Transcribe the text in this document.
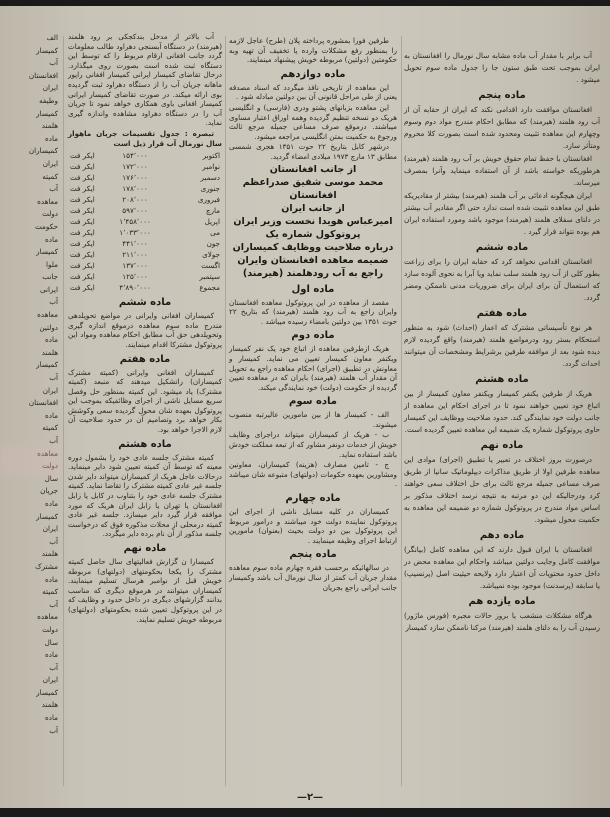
آب برابر با مقدار آب ماده مشابه سال نورمال را افغانستان به ایران بموجب تحت طبق ستون جا را جدول ماده سوم تحویل میشود .

ماده پنجم

افغانستان موافقت دارد اقدامی نکند که ایران از حقابه آن از آب رود هلمند (هیرمند) که مطابق احکام مندرج مواد دوم وسوم وچهارم این معاهده تثبیت ومحدود شده است بصورت کلا محروم ومتأثر سازد.

افغانستان با حفظ تمام حقوق خویش بر آب رود هلمند (هیرمند) هرطوریکه خواسته باشد از آن استفاده مینماید وآنرا بمصرف میرساند.

ایران هیچگونه ادعائی بر آب هلمند (هیرمند) بیشتر از مقادیریکه طبق این معاهده تثبیت شده است ندارد حتی اگر مقادیر آب بیشتر در دلتای سفلای هلمند (هیرمند) موجود باشد ومورد استفاده ایران هم بوده نتواند قرار گیرد .

ماده ششم

افغانستان اقدامی نخواهد کرد که حقابه ایران را برای زراعت بطور کلی از آب رود هلمند سلب نماید ویا آبرا به نحوی آلوده سازد که استعمال آن برای ایران برای ضروریات مدنی ناممکن ومضر گردد.

ماده هفتم

هر نوع تأسیساتی مشترک که اعمار (احداث) شود به منظور استحکام بستر رود ودرمواضع هلمند (هیرمند) واقع گردیده لازم دیده شود بعد از موافقه طرفین برشرایط ومشخصات آن میتوانند احداث گردد.

ماده هشتم

هریک از طرفین یکنفر کمیسار ویکنفر معاون کمیسار از بین اتباع خود تعیین خواهند نمود تا در اجرای احکام این معاهده از جانب دولت خود نمایندگی کند. حدود صلاحیت ووظایف این کمیسار حاوی پروتوکول شماره یک ضمیمه این معاهده تعیین گردیده است.

ماده نهم

درصورت بروز اختلاف در تعبیر یا تطبیق (اجرای) موادی این معاهده طرفین اولا از طریق مذاکرات دیپلوماتیک سانیا از طریق صرف مساعی جمیله مرجع ثالث برای حل اختلاف سعی خواهند کرد ودرحالیکه این دو مرتبه به نتیجه نرسد اختلاف مذکور بر اساس مواد مندرج در پروتوکول شماره دو ضمیمه این معاهده به حکمیت محول میشود.

ماده دهم

افغانستان با ایران قبول دارند که این معاهده کامل (بیانگر) موافقت کامل وجایب دولتین میباشد واحکام این معاهده محض در داخل حدود محتویات آن اعتبار دارد ولایحه حیثیت اصل (پرنسیپ) یا سابقه (پرسدنت) موجود بوده نمیباشد.

ماده یازده هم

هرگاه مشکلات منشعب یا بروز حالات مجبره (فورس ماژور) رسیدن آب را به دلتای هلمند (هیرمند) مرکنا ناممکن سازد کمیسار

طرفین فورا بمشوره پرداخته پلان (طرح) عاجل لازمه را بمنظور رفع مشکلات وارده یا تخفیف آن تهیه وبه حکومتین (دولتین) مربوطه خویش پیشنهاد مینمایند.

ماده دوازدهم

این معاهده از تاریخی نافذ میگردد که اسناد مصدقه یعنی از طی مراحل قانونی آن بین دولتین مبادله شود .

این معاهده بزبانهای پشتو ودری (فارسی) و انگلیسی هریک دو نسخه تنظیم گردیده وهمه اوراق اعتبار مساوی میباشند. درموقع صرف مساعی جمیله مرجع ثالث ورجوع به حکمیت بمتن انگلیسی مراجعه میشود.

درشهر کابل بتاریخ ۲۲ حوت ۱۳۵۱ هجری شمسی مطابق ۱۳ مارچ ۱۹۷۳ میلادی امضاء گردید.

از جانب افغانستان

محمد موسی شفیق صدراعظم افغانستان

از جانب ایران

امیرعباس هویدا نخست وزیر ایران

پروتوکول شماره یک

درباره صلاحیت ووظایف کمیساران ضمیمه معاهده افغانستان وایران راجع به آب رودهلمند (هیرمند)

ماده اول

مقصد از معاهده در این پروتوکول معاهده افغانستان وایران راجع به آب رود هلمند (هیرمند) که بتاریخ ۲۲ حوت ۱۳۵۱ بین دولتین بامضاء رسیده میباشد .

ماده دوم

هریک ازطرفین معاهده از اتباع خود یک نفر کمیسار ویکنفر معاون کمیسار تعیین می نماید. کمیسار و معاونش در تطبیق (اجرای) احکام معاهده راجع به تحویل آن مقدار آب هلمند (هیرمند) بایران که در معاهده تعیین گردیده از حکومت (دولت) خود نمایندگی میکند.

ماده سوم

الف - کمیسار ها از بین مامورین عالیرتبه منصوب میشوند.

ب - هریک از کمیساران میتواند دراجرای وظایف خویش از خدمات دونفر مشاور که از تبعه مملکت خودش باشد استفاده نماید.

ج - تامین مصارف (هزینه) کمیساران، معاونین ومشاورین بعهده حکومات (دولتهای) متبوعه شان میباشد .

ماده چهارم

کمیساران در کلیه مسایل ناشی از اجرای این پروتوکول نماینده دولت خود میباشند و درامور مربوط این پروتوکول بین دو دولت بحیث (بعنوان) مامورین ارتباط اجرای وظیفه مینمایند .

ماده پنجم

در سالهائیکه برحسب فقره چهارم ماده سوم معاهده مقدار جریان آب کمتر از سال نورمال آب باشد وکمیسار جانب ایرانی راجع بجریان

آب بالاتر از مدخل بندکجکی بر رود هلمند (هیرمند) در دستگاه آبسنجی دهراود طالب معلومات گردد جانب افغانی ارقام مربوط را که توسط این دستگاه ثبت شده است بصورت روی میگذارد. درحال تقاضای کمیسار ایرانی کمیسار افغانی راپور ماهانه جریان آب را از دستگاه دهراود ثبت گردیده بوی ارائه میکند. در صورت تقاضای کمیسار ایرانی کمیسار افغانی باوی همکاری خواهد نمود تا جریان آب را در دستگاه دهراود مشاهده واندازه گیری نماید.

تبصره : جدول تقسیمات جریان ماهوار سال نورمال آب قرار ذیل است

اکتوبر	۱۵۴٬۰۰۰	ایکر فت
نوامبر	۱۷۲٬۰۰۰	ایکر فت
دسمبر	۱۷۶٬۰۰۰	ایکر فت
جنوری	۱۷۸٬۰۰۰	ایکر فت
فبروری	۲۰۸٬۰۰۰	ایکر فت
مارچ	۵۹۷٬۰۰۰	ایکر فت
اپریل	۱٬۴۵۸٬۰۰۰	ایکر فت
می	۱٬۰۳۳٬۰۰۰	ایکر فت
جون	۴۴۱٬۰۰۰	ایکر فت
جولای	۲۱۱٬۰۰۰	ایکر فت
اگست	۱۳۷٬۰۰۰	ایکر فت
سپتمبر	۱۲۵٬۰۰۰	ایکر فت
مجموع	۴٬۸۹۰٬۰۰۰	ایکر فت
ماده ششم

کمیساران افغانی وایرانی در مواضع تحویلدهی مندرج ماده سوم معاهده درموقع اندازه گیری وتحویلدهی حق آب مطابق احکام معاهده ومواد این پروتوکول مشترکا اقدام مینمایند.

ماده هفتم

کمیساران افغانی وایرانی (کمیته مشترک کمیساران) راتشکیل میدهند که منبعد (کمیته مشترک) یاد میشود. این کمیته بمنظور حل وفصل سریع مسایل ناشی از اجرای وظائفیکه بموجب این پروتوکول بعهده شان محول گردیده سعی وکوشش بکار خواهد برد وتصامیم آن در حدود صلاحیت آن لازم الاجرا خواهد بود.

ماده هشتم

کمیته مشترک جلسه عادی خود را بشمول دوره معینه که توسط آن کمیته تعیین شود دایر مینماید. درحالات عاجل هریک از کمیساران میتواند دایر شدن جلسه غیر عادی کمیته مشترک را تقاضا نماید. کمیته مشترک جلسه عادی خود را بتناوب در کابل یا زابل افغانستان یا تهران یا زابل ایران هریک که مورد موافقه قرار گیرد دایر میسازد. جلسه غیر عادی کمیته درمحلی از محلات مذکوره فوق که درخواست جلسه مذکور از آن نام برده دایر میگردد.

ماده نهم

کمیسارا ن گزارش فعالیتهای سال حاصل کمیته مشترک را یکجا بحکومتهای (دولتهای) مربوطه خویش قبل از نوامبر هرسال تسلیم مینمایند. کمیساران میتوانند در هرموقع دیگری که مناسب بدانند گزارشهای دیگری در داخل حدود و وظایف که در این پروتوکول تعیین شده بحکومتهای (دولتهای) مربوطه خویش تسلیم نمایند.

الف

کمیسار

آب

افغانستان

ایران

وطیفه

کمیسار

هلمند

ماده

کمیساران

ایران

کمیته

آب

معاهده

دولت

حکومت

ماده

کمیسار

ملوا

جانب

ایرانی

آب

معاهده

دولتین

ماده

هلمند

کمیسار

آب

ایران

افغانستان

ماده

کمیته

آب

معاهده

دولت

سال

جریان

ماده

کمیسار

ایران

آب

هلمند

مشترک

ماده

کمیته

آب

معاهده

دولت

سال

ماده

آب

ایران

کمیسار

هلمند

ماده

آب

—۲—
